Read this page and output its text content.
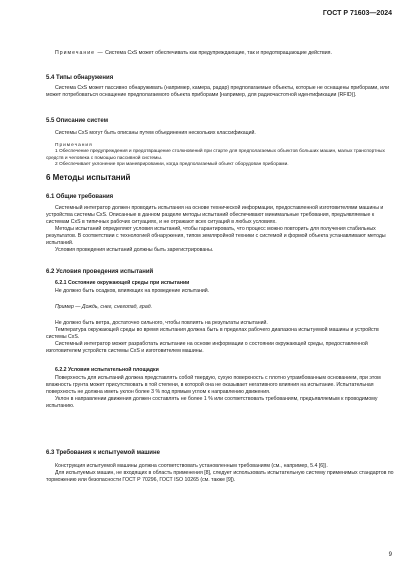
ГОСТ Р 71603—2024

Примечание — Система CxS может обеспечивать как предупреждающие, так и предотвращающие действия.

5.4 Типы обнаружения

Система CxS может пассивно обнаруживать (например, камера, радар) предполагаемые объекты, которые не оснащены приборами, или может потребоваться оснащение предполагаемого объекта приборами [например, для радиочастотной идентификации (RFID)].

5.5 Описание систем

Системы CxS могут быть описаны путем объединения нескольких классификаций.

Примечания

1 Обеспечение предупреждения и предотвращение столкновений при старте для предполагаемых объектов больших машин, малых транспортных средств и человека с помощью пассивной системы.

2 Обеспечивает уклонение при маневрировании, когда предполагаемый объект оборудован приборами.

6 Методы испытаний
6.1 Общие требования

Системный интегратор должен проводить испытания на основе технической информации, предоставленной изготовителями машины и устройства системы CxS. Описанные в данном разделе методы испытаний обеспечивают минимальные требования, предъявляемые к системам CxS в типичных рабочих ситуациях, и не отражают всех ситуаций в любых условиях.

Методы испытаний определяют условия испытаний, чтобы гарантировать, что процесс можно повторить для получения стабильных результатов. В соответствии с технологией обнаружения, типом земляройной техники с системой и формой объекта устанавливают методы испытаний.

Условия проведения испытаний должны быть зарегистрированы.

6.2 Условия проведения испытаний

6.2.1 Состояние окружающей среды при испытании

Не должно быть осадков, влияющих на проведение испытаний.

Пример — Дождь, снег, снегопад, град.

Не должно быть ветра, достаточно сильного, чтобы повлиять на результаты испытаний.

Температура окружающей среды во время испытания должна быть в пределах рабочего диапазона испытуемой машины и устройств системы CxS.

Системный интегратор может разработать испытание на основе информации о состоянии окружающей среды, предоставленной изготовителем устройств системы CxS и изготовителем машины.

6.2.2 Условия испытательной площадки

Поверхность для испытаний должна представлять собой твердую, сухую поверхность с плотно утрамбованным основанием, при этом влажность грунта может присутствовать в той степени, в которой она не оказывает негативного влияния на испытание. Испытательная поверхность не должна иметь уклон более 3 % под прямым углом к направлению движения.

Уклон в направлении движения должен составлять не более 1 % или соответствовать требованиям, предъявляемым к проводимому испытанию.

6.3 Требования к испытуемой машине

Конструкция испытуемой машины должна соответствовать установленным требованиям (см., например, 5.4 [6]).

Для испытуемых машин, не входящих в область применения [8], следует использовать испытательную систему применимых стандартов по торможению или безопасности ГОСТ Р 70296, ГОСТ ISO 10265 (см. также [9]).

9
